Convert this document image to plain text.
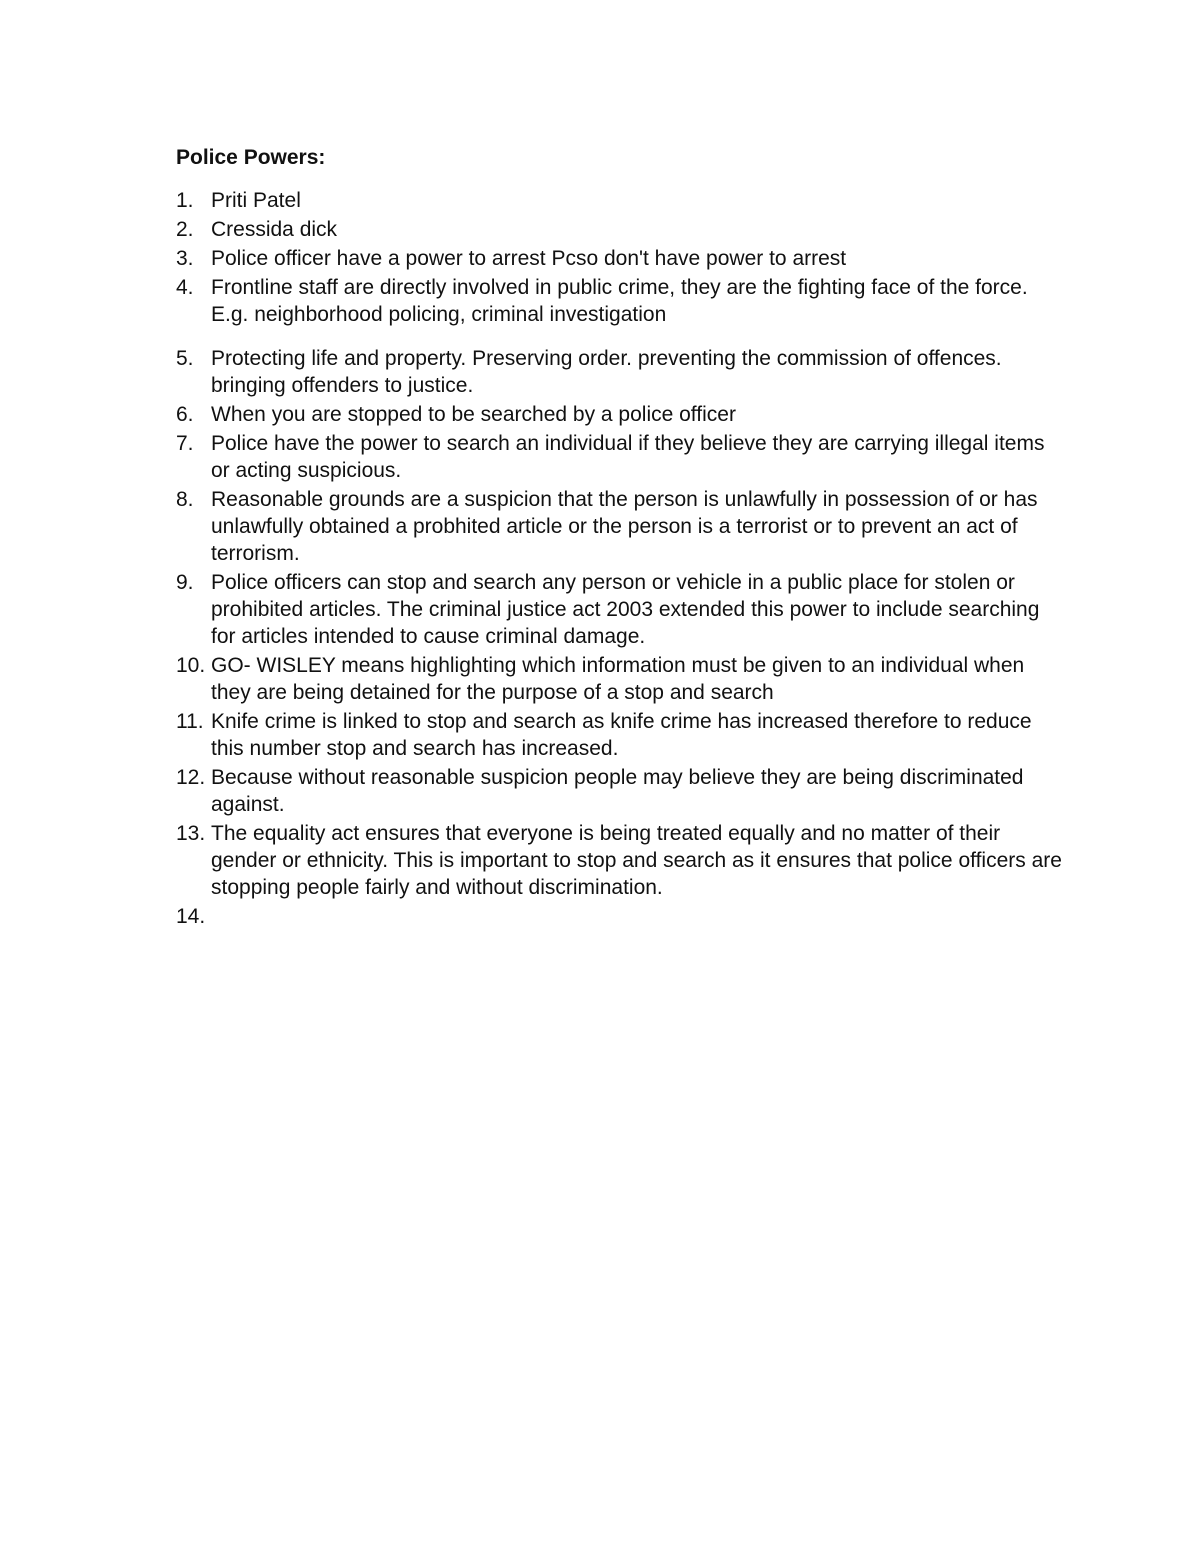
Police Powers:
1. Priti Patel
2. Cressida dick
3. Police officer have a power to arrest Pcso don't have power to arrest
4. Frontline staff are directly involved in public crime, they are the fighting face of the force. E.g. neighborhood policing, criminal investigation
5. Protecting life and property. Preserving order. preventing the commission of offences. bringing offenders to justice.
6. When you are stopped to be searched by a police officer
7. Police have the power to search an individual if they believe they are carrying illegal items or acting suspicious.
8. Reasonable grounds are a suspicion that the person is unlawfully in possession of or has unlawfully obtained a probhited article or the person is a terrorist or to prevent an act of terrorism.
9. Police officers can stop and search any person or vehicle in a public place for stolen or prohibited articles. The criminal justice act 2003 extended this power to include searching for articles intended to cause criminal damage.
10. GO- WISLEY means highlighting which information must be given to an individual when they are being detained for the purpose of a stop and search
11. Knife crime is linked to stop and search as knife crime has increased therefore to reduce this number stop and search has increased.
12. Because without reasonable suspicion people may believe they are being discriminated against.
13. The equality act ensures that everyone is being treated equally and no matter of their gender or ethnicity. This is important to stop and search as it ensures that police officers are stopping people fairly and without discrimination.
14.
